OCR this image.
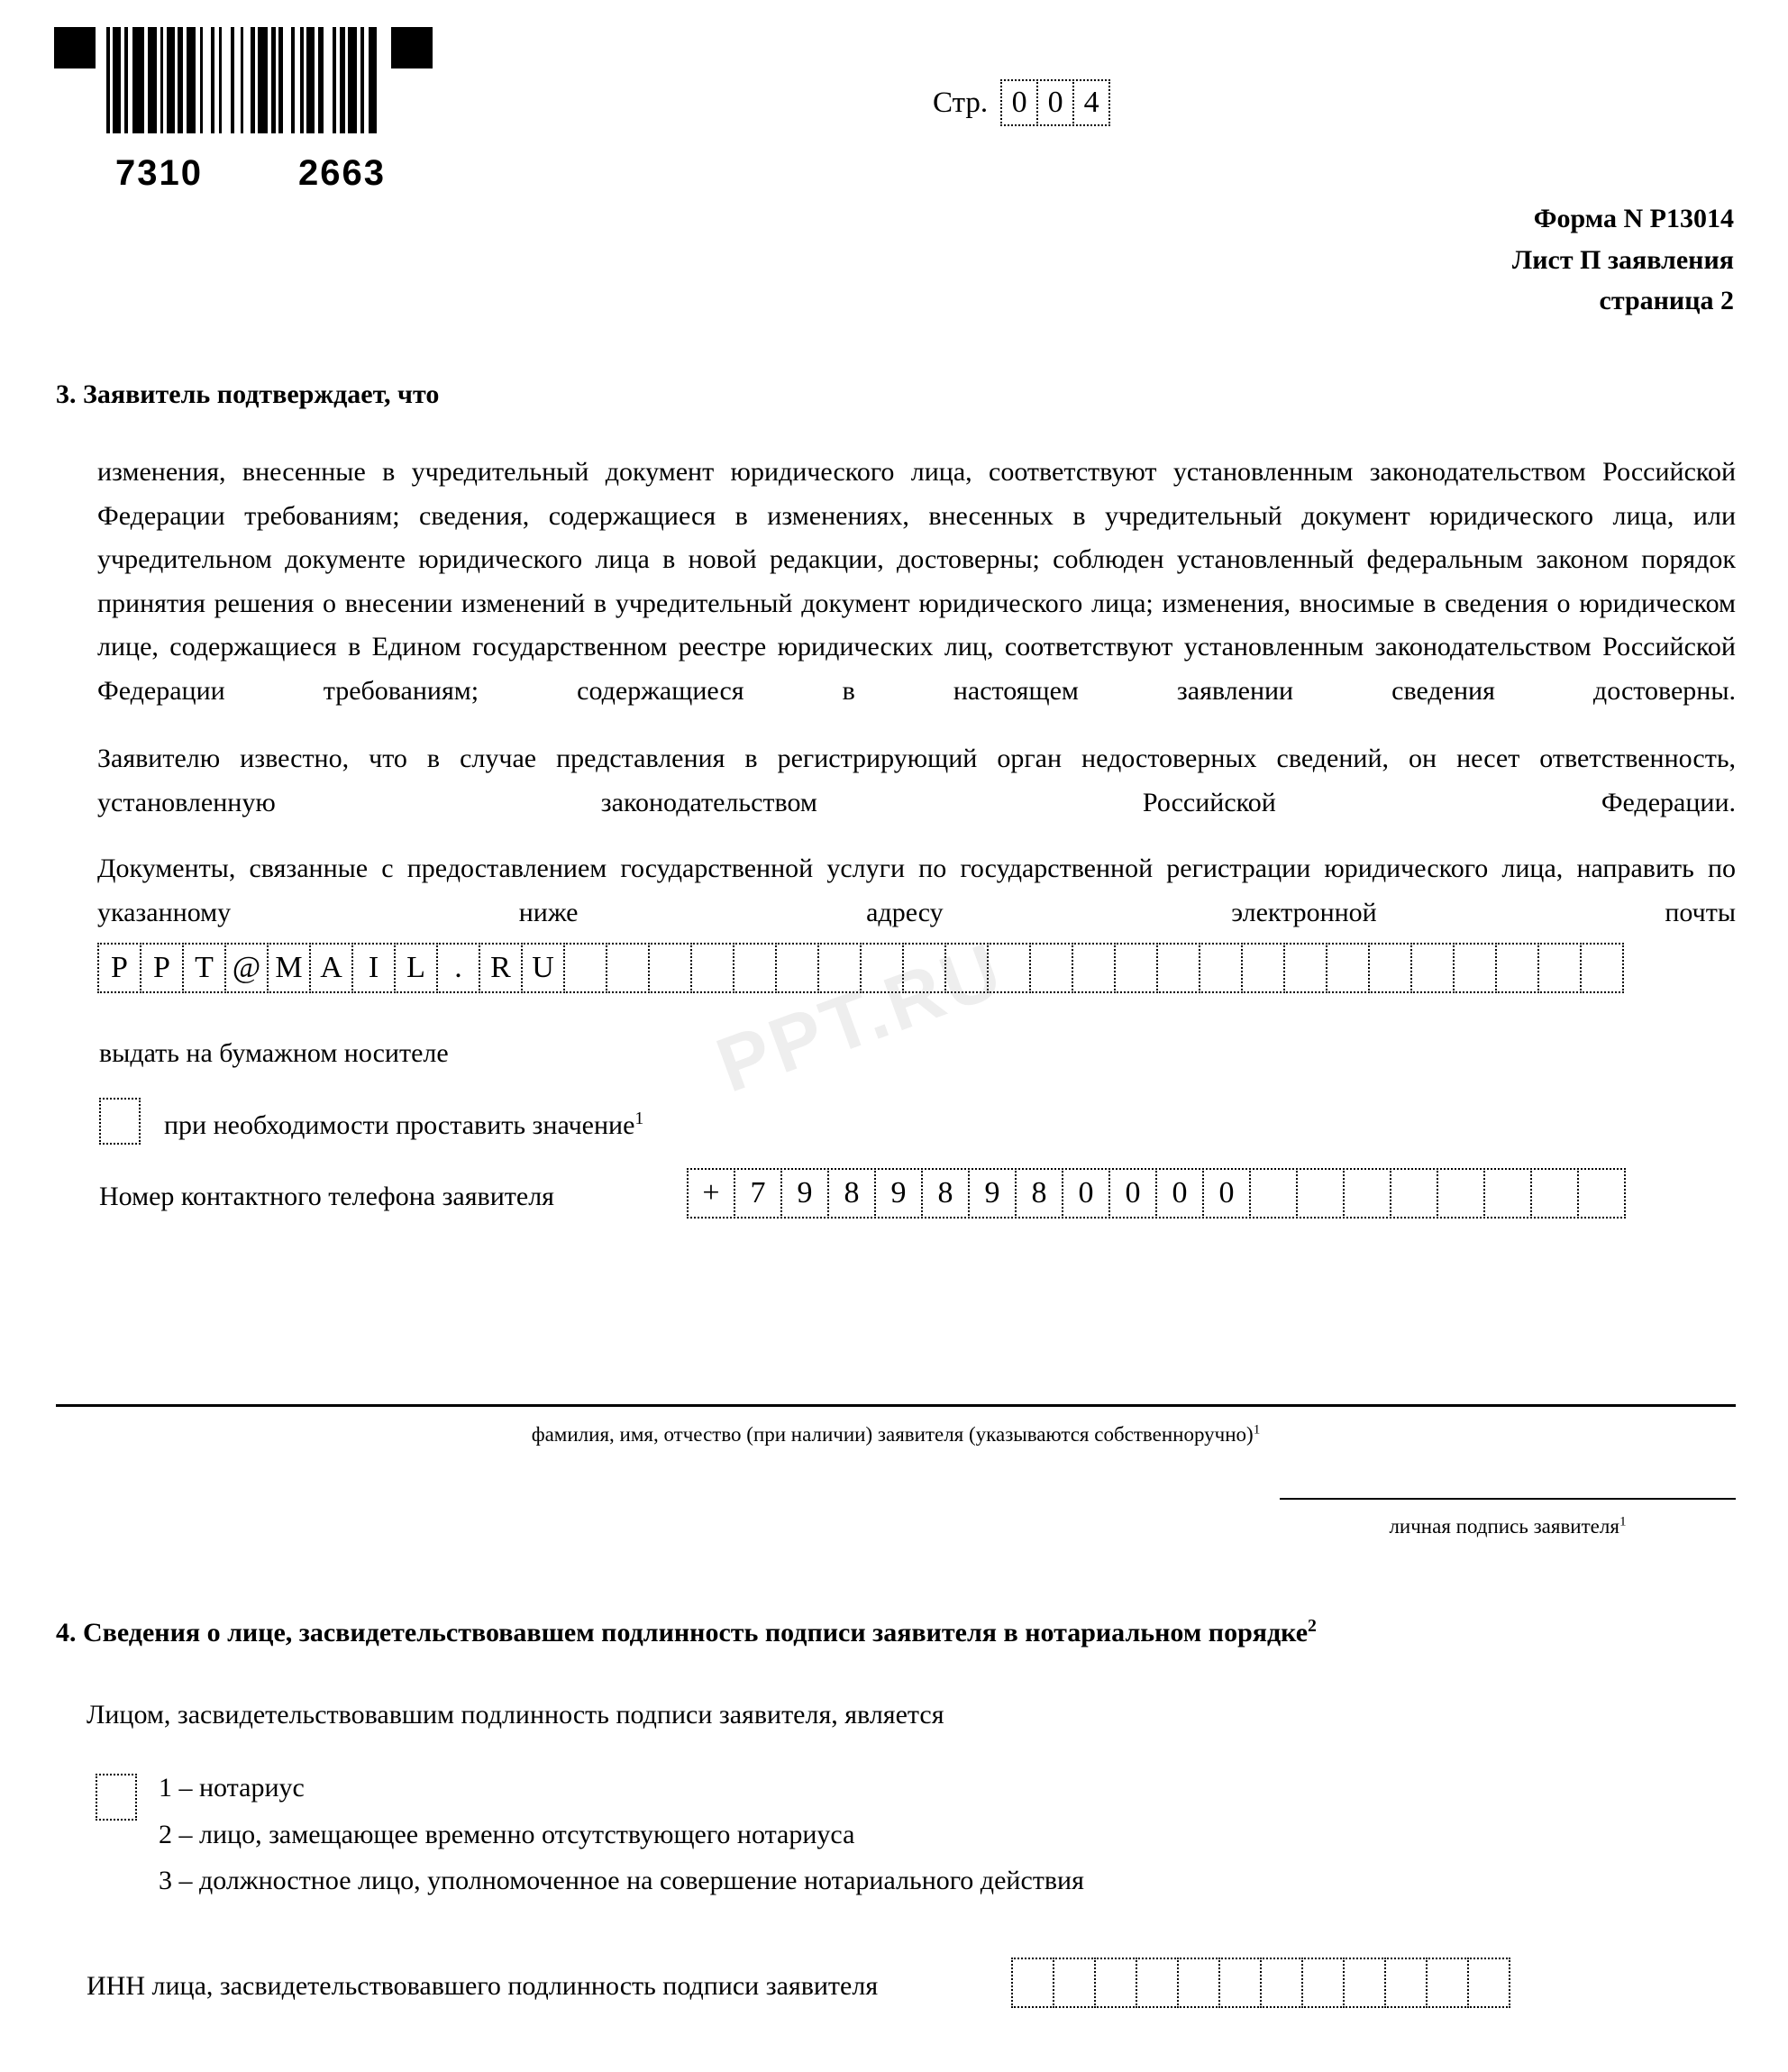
7310	2663
Стр. 0 0 4
Форма N Р13014
Лист П заявления
страница 2
3. Заявитель подтверждает, что
изменения, внесенные в учредительный документ юридического лица, соответствуют установленным законодательством Российской Федерации требованиям; сведения, содержащиеся в изменениях, внесенных в учредительный документ юридического лица, или учредительном документе юридического лица в новой редакции, достоверны; соблюден установленный федеральным законом порядок принятия решения о внесении изменений в учредительный документ юридического лица; изменения, вносимые в сведения о юридическом лице, содержащиеся в Едином государственном реестре юридических лиц, соответствуют установленным законодательством Российской Федерации требованиям; содержащиеся в настоящем заявлении сведения достоверны.
Заявителю известно, что в случае представления в регистрирующий орган недостоверных сведений, он несет ответственность, установленную законодательством Российской Федерации.
Документы, связанные с предоставлением государственной услуги по государственной регистрации юридического лица, направить по указанному ниже адресу электронной почты
P P T @ M A I L . R U
выдать на бумажном носителе
при необходимости проставить значение$^1$
Номер контактного телефона заявителя	+ 7	9	8	9	8	9	8	0	0	0	0
фамилия, имя, отчество (при наличии) заявителя (указываются собственноручно)$^1$
личная подпись заявителя$^1$
4. Сведения о лице, засвидетельствовавшем подлинность подписи заявителя в нотариальном порядке$^2$
Лицом, засвидетельствовавшим подлинность подписи заявителя, является
1 – нотариус
2 – лицо, замещающее временно отсутствующего нотариуса
3 – должностное лицо, уполномоченное на совершение нотариального действия
ИНН лица, засвидетельствовавшего подлинность подписи заявителя
PPT.RU
